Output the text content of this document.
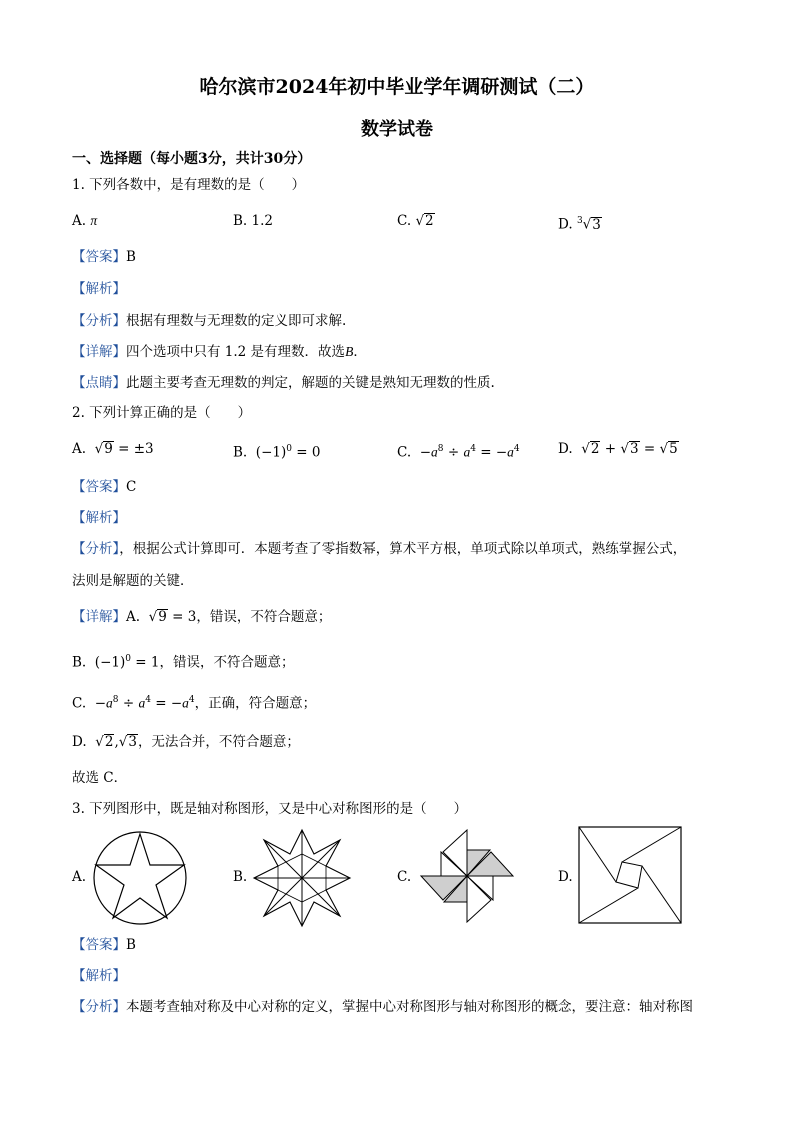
哈尔滨市2024年初中毕业学年调研测试（二）
数学试卷
一、选择题（每小题3分，共计30分）
1. 下列各数中，是有理数的是（　　）
A. π	B. 1.2	C. √2	D. $^3$√3
【答案】B
【解析】
【分析】根据有理数与无理数的定义即可求解.
【详解】四个选项中只有 1.2 是有理数．故选B．
【点睛】此题主要考查无理数的判定，解题的关键是熟知无理数的性质.
2. 下列计算正确的是（　　）
A. √9 = ±3	B.  $(-1)^0 = 0$	C.  $-a^8 \div a^4 = -a^4$	D. √2 + √3 = √5
【答案】C
【解析】
【分析】，根据公式计算即可．本题考查了零指数幂，算术平方根，单项式除以单项式，熟练掌握公式，
法则是解题的关键．
【详解】A. √9 = 3，错误，不符合题意；
B.  $(-1)^0 = 1$，错误，不符合题意；
C.  $-a^8 \div a^4 = -a^4$，正确，符合题意；
D. √2,√3，无法合并，不符合题意；
故选 C．
3. 下列图形中，既是轴对称图形，又是中心对称图形的是（　　）
A.	B.	C.	D.
【答案】B
【解析】
【分析】本题考查轴对称及中心对称的定义，掌握中心对称图形与轴对称图形的概念，要注意：轴对称图
